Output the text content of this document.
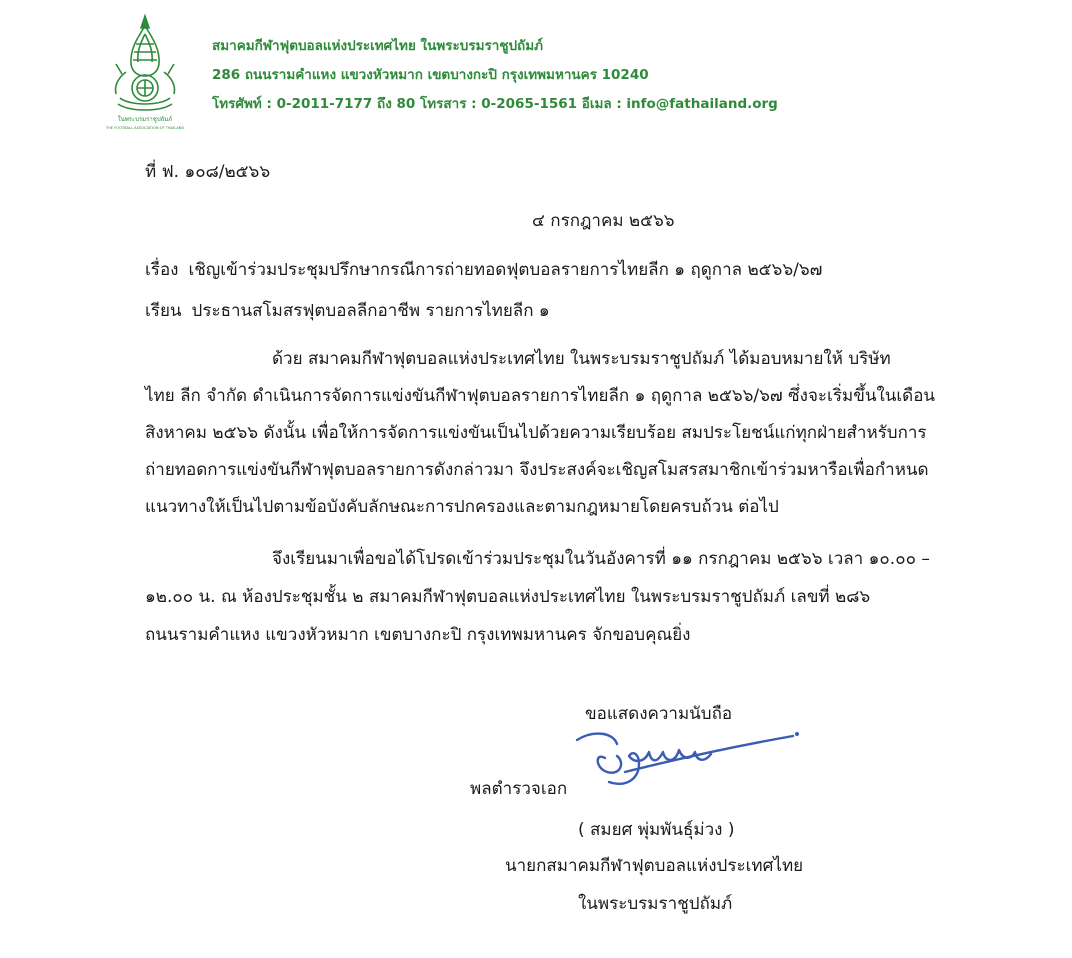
ในพระบรมราชูปถัมภ์
THE FOOTBALL ASSOCIATION OF THAILAND
สมาคมกีฬาฟุตบอลแห่งประเทศไทย ในพระบรมราชูปถัมภ์
286 ถนนรามคำแหง แขวงหัวหมาก เขตบางกะปิ กรุงเทพมหานคร 10240
โทรศัพท์ : 0-2011-7177 ถึง 80 โทรสาร : 0-2065-1561 อีเมล : info@fathailand.org
ที่ ฟ. ๑๐๘/๒๕๖๖
๔ กรกฎาคม ๒๕๖๖
เรื่อง เชิญเข้าร่วมประชุมปรึกษากรณีการถ่ายทอดฟุตบอลรายการไทยลีก ๑ ฤดูกาล ๒๕๖๖/๖๗
เรียน ประธานสโมสรฟุตบอลลีกอาชีพ รายการไทยลีก ๑
ด้วย สมาคมกีฬาฟุตบอลแห่งประเทศไทย ในพระบรมราชูปถัมภ์ ได้มอบหมายให้ บริษัท
ไทย ลีก จำกัด ดำเนินการจัดการแข่งขันกีฬาฟุตบอลรายการไทยลีก ๑ ฤดูกาล ๒๕๖๖/๖๗ ซึ่งจะเริ่มขึ้นในเดือน
สิงหาคม ๒๕๖๖ ดังนั้น เพื่อให้การจัดการแข่งขันเป็นไปด้วยความเรียบร้อย สมประโยชน์แก่ทุกฝ่ายสำหรับการ
ถ่ายทอดการแข่งขันกีฬาฟุตบอลรายการดังกล่าวมา จึงประสงค์จะเชิญสโมสรสมาชิกเข้าร่วมหารือเพื่อกำหนด
แนวทางให้เป็นไปตามข้อบังคับลักษณะการปกครองและตามกฎหมายโดยครบถ้วน ต่อไป
จึงเรียนมาเพื่อขอได้โปรดเข้าร่วมประชุมในวันอังคารที่ ๑๑ กรกฎาคม ๒๕๖๖ เวลา ๑๐.๐๐ –
๑๒.๐๐ น. ณ ห้องประชุมชั้น ๒ สมาคมกีฬาฟุตบอลแห่งประเทศไทย ในพระบรมราชูปถัมภ์ เลขที่ ๒๘๖
ถนนรามคำแหง แขวงหัวหมาก เขตบางกะปิ กรุงเทพมหานคร จักขอบคุณยิ่ง
ขอแสดงความนับถือ
พลตำรวจเอก
( สมยศ พุ่มพันธุ์ม่วง )
นายกสมาคมกีฬาฟุตบอลแห่งประเทศไทย
ในพระบรมราชูปถัมภ์
